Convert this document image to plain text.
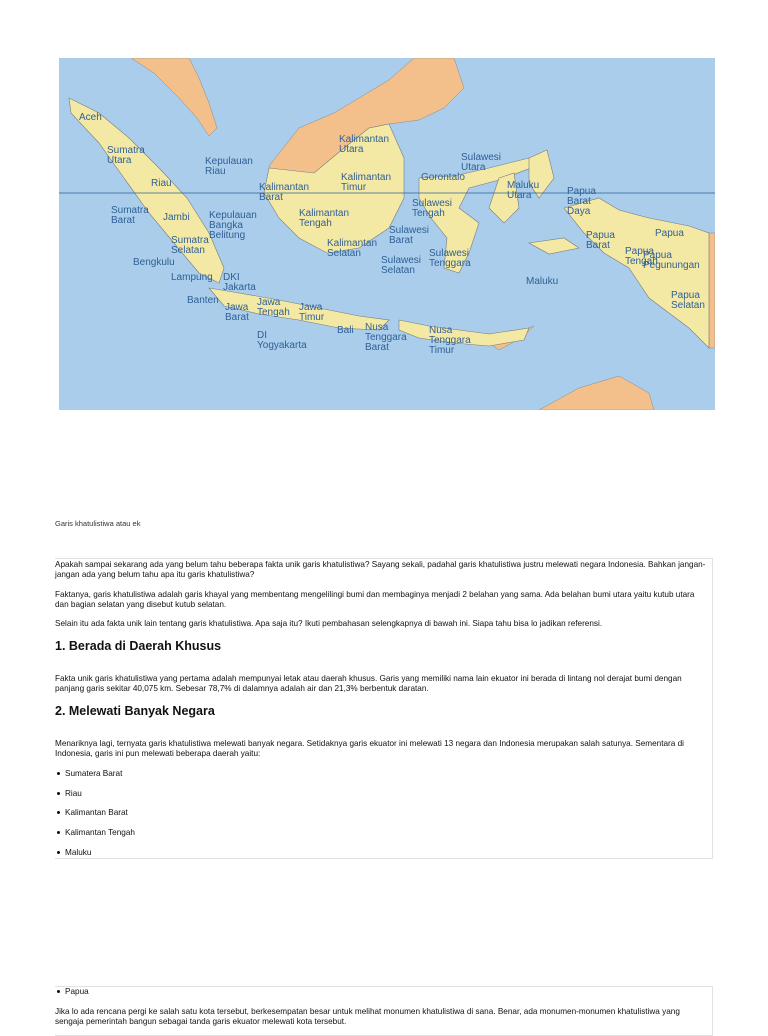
Aceh
Sumatra Utara
Riau
Kepulauan Riau
Kalimantan Utara
Sulawesi Utara
Kalimantan Barat
Kalimantan Timur
Gorontalo
Maluku Utara	Papua Barat Daya
Sumatra Barat	Jambi Kepulauan Bangka Belitung
Kalimantan Tengah
Sulawesi Tengah
Sulawesi Barat	Papua Barat
Papua
Sumatra Selatan
Kalimantan Selatan
Sulawesi Selatan
Sulawesi Tenggara
Papua Tengah
Papua Pegunungan
Bengkulu
Lampung DKI Jakarta
Banten
Jawa Barat
Jawa Tengah Jawa Timur
DI Yogyakarta
Bali Nusa Tenggara Barat
Nusa Tenggara Timur
Maluku
Papua Selatan
Garis khatulistiwa atau ek

Apakah sampai sekarang ada yang belum tahu beberapa fakta unik garis khatulistiwa? Sayang sekali, padahal garis khatulistiwa justru melewati negara Indonesia. Bahkan jangan-jangan ada yang belum tahu apa itu garis khatulistiwa?

Faktanya, garis khatulistiwa adalah garis khayal yang membentang mengelilingi bumi dan membaginya menjadi 2 belahan yang sama. Ada belahan bumi utara yaitu kutub utara dan bagian selatan yang disebut kutub selatan.

Selain itu ada fakta unik lain tentang garis khatulistiwa. Apa saja itu? Ikuti pembahasan selengkapnya di bawah ini. Siapa tahu bisa lo jadikan referensi.

1. Berada di Daerah Khusus

Fakta unik garis khatulistiwa yang pertama adalah mempunyai letak atau daerah khusus. Garis yang memiliki nama lain ekuator ini berada di lintang nol derajat bumi dengan panjang garis sekitar 40,075 km. Sebesar 78,7% di dalamnya adalah air dan 21,3% berbentuk daratan.

2. Melewati Banyak Negara

Menariknya lagi, ternyata garis khatulistiwa melewati banyak negara. Setidaknya garis ekuator ini melewati 13 negara dan Indonesia merupakan salah satunya. Sementara di Indonesia, garis ini pun melewati beberapa daerah yaitu:

Sumatera Barat
Riau
Kalimantan Barat
Kalimantan Tengah
Maluku
Papua

Jika lo ada rencana pergi ke salah satu kota tersebut, berkesempatan besar untuk melihat monumen khatulistiwa di sana. Benar, ada monumen-monumen khatulistiwa yang sengaja pemerintah bangun sebagai tanda garis ekuator melewati kota tersebut.
